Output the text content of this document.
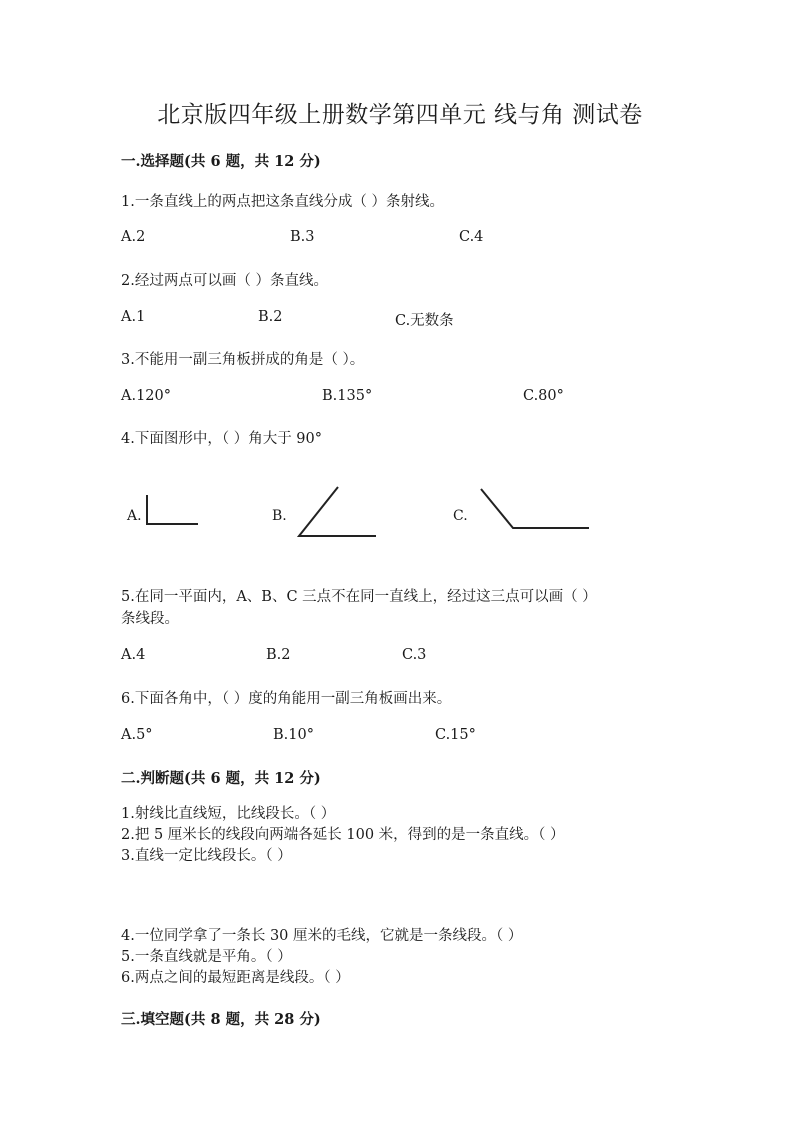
北京版四年级上册数学第四单元 线与角 测试卷
一.选择题(共 6 题，共 12 分)
1.一条直线上的两点把这条直线分成（ ）条射线。
A.2	B.3	C.4
2.经过两点可以画（ ）条直线。
A.1	B.2	C.无数条
3.不能用一副三角板拼成的角是（ ）。
A.120°	B.135°	C.80°
4.下面图形中，（ ）角大于 90°
A.	B.	C.
5.在同一平面内，A、B、C 三点不在同一直线上，经过这三点可以画（ ）
条线段。
A.4	B.2	C.3
6.下面各角中，（ ）度的角能用一副三角板画出来。
A.5°	B.10°	C.15°
二.判断题(共 6 题，共 12 分)
1.射线比直线短，比线段长。（ ）
2.把 5 厘米长的线段向两端各延长 100 米，得到的是一条直线。（ ）
3.直线一定比线段长。（ ）
4.一位同学拿了一条长 30 厘米的毛线，它就是一条线段。（ ）
5.一条直线就是平角。（ ）
6.两点之间的最短距离是线段。（ ）
三.填空题(共 8 题，共 28 分)
